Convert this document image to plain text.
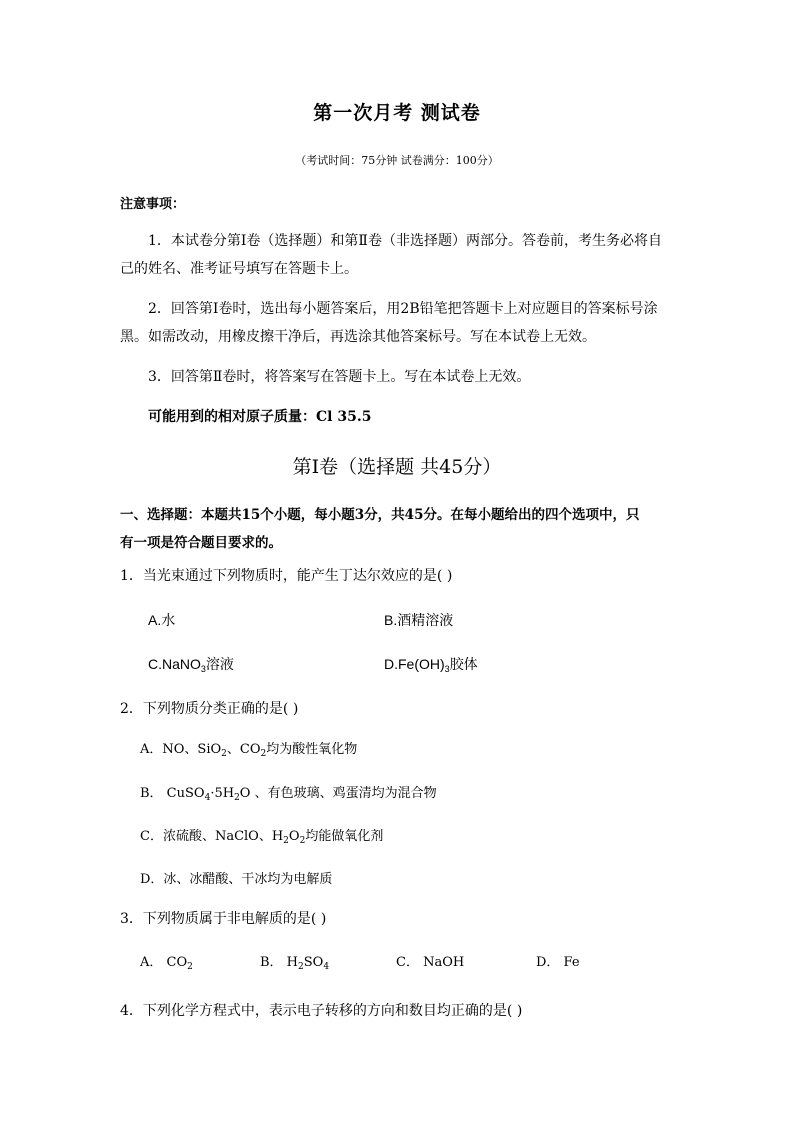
第一次月考 测试卷
（考试时间：75分钟 试卷满分：100分）
注意事项：
1．本试卷分第Ⅰ卷（选择题）和第Ⅱ卷（非选择题）两部分。答卷前，考生务必将自
己的姓名、准考证号填写在答题卡上。
2．回答第Ⅰ卷时，选出每小题答案后，用2B铅笔把答题卡上对应题目的答案标号涂
黑。如需改动，用橡皮擦干净后，再选涂其他答案标号。写在本试卷上无效。
3．回答第Ⅱ卷时，将答案写在答题卡上。写在本试卷上无效。
可能用到的相对原子质量：Cl 35.5
第Ⅰ卷（选择题 共45分）
一、选择题：本题共15个小题，每小题3分，共45分。在每小题给出的四个选项中，只
有一项是符合题目要求的。
1．当光束通过下列物质时，能产生丁达尔效应的是( )
A.水	B.酒精溶液
C.NaNO$_3$溶液	$D.Fe(OH)_3$胶体
2．下列物质分类正确的是( )
A．NO、SiO$_2$、$CO_2$均为酸性氧化物
B． $CuSO_4\cdot 5H_2O$ 、有色玻璃、鸡蛋清均为混合物
C．浓硫酸、NaClO、$H_2O_2$均能做氧化剂
D．冰、冰醋酸、干冰均为电解质
3．下列物质属于非电解质的是( )
A． $CO_2$	B． $H_2SO_4$	C． NaOH	D． Fe
4．下列化学方程式中，表示电子转移的方向和数目均正确的是( )
